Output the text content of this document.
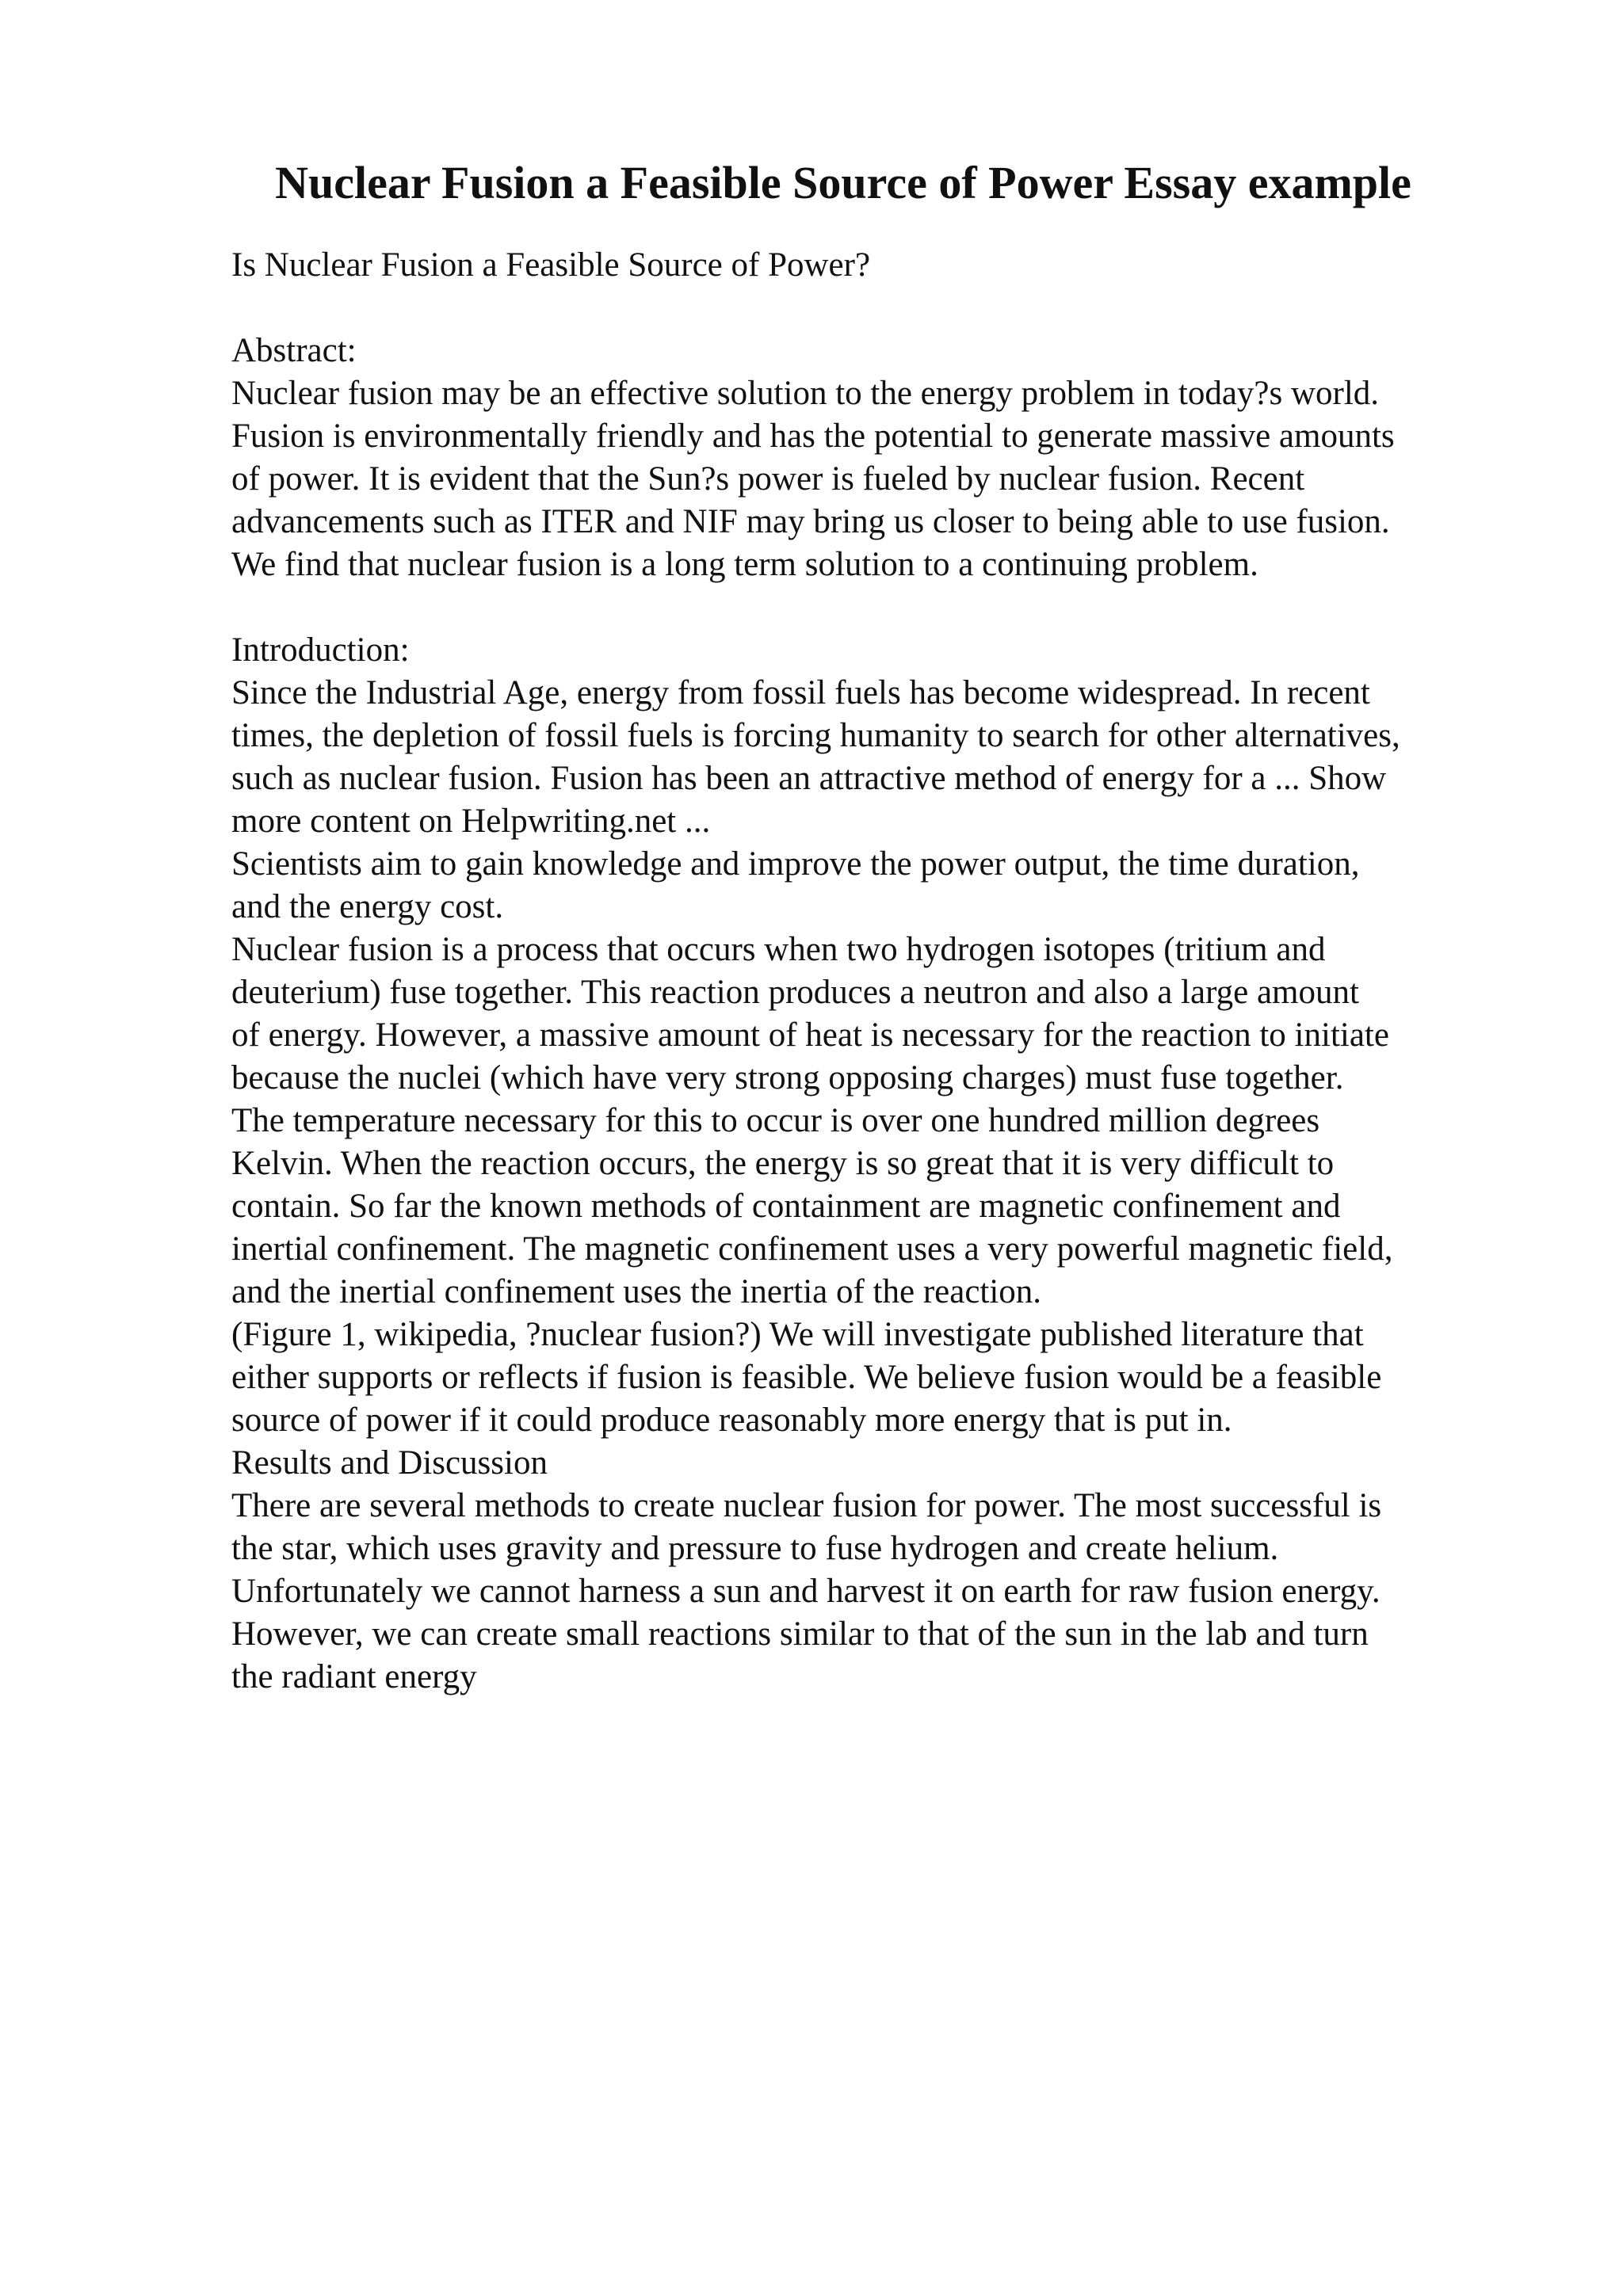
Nuclear Fusion a Feasible Source of Power Essay example
Is Nuclear Fusion a Feasible Source of Power?
Abstract:
Nuclear fusion may be an effective solution to the energy problem in today?s world.
Fusion is environmentally friendly and has the potential to generate massive amounts
of power. It is evident that the Sun?s power is fueled by nuclear fusion. Recent
advancements such as ITER and NIF may bring us closer to being able to use fusion.
We find that nuclear fusion is a long term solution to a continuing problem.
Introduction:
Since the Industrial Age, energy from fossil fuels has become widespread. In recent
times, the depletion of fossil fuels is forcing humanity to search for other alternatives,
such as nuclear fusion. Fusion has been an attractive method of energy for a ... Show
more content on Helpwriting.net ...
Scientists aim to gain knowledge and improve the power output, the time duration,
and the energy cost.
Nuclear fusion is a process that occurs when two hydrogen isotopes (tritium and
deuterium) fuse together. This reaction produces a neutron and also a large amount
of energy. However, a massive amount of heat is necessary for the reaction to initiate
because the nuclei (which have very strong opposing charges) must fuse together.
The temperature necessary for this to occur is over one hundred million degrees
Kelvin. When the reaction occurs, the energy is so great that it is very difficult to
contain. So far the known methods of containment are magnetic confinement and
inertial confinement. The magnetic confinement uses a very powerful magnetic field,
and the inertial confinement uses the inertia of the reaction.
(Figure 1, wikipedia, ?nuclear fusion?) We will investigate published literature that
either supports or reflects if fusion is feasible. We believe fusion would be a feasible
source of power if it could produce reasonably more energy that is put in.
Results and Discussion
There are several methods to create nuclear fusion for power. The most successful is
the star, which uses gravity and pressure to fuse hydrogen and create helium.
Unfortunately we cannot harness a sun and harvest it on earth for raw fusion energy.
However, we can create small reactions similar to that of the sun in the lab and turn
the radiant energy
